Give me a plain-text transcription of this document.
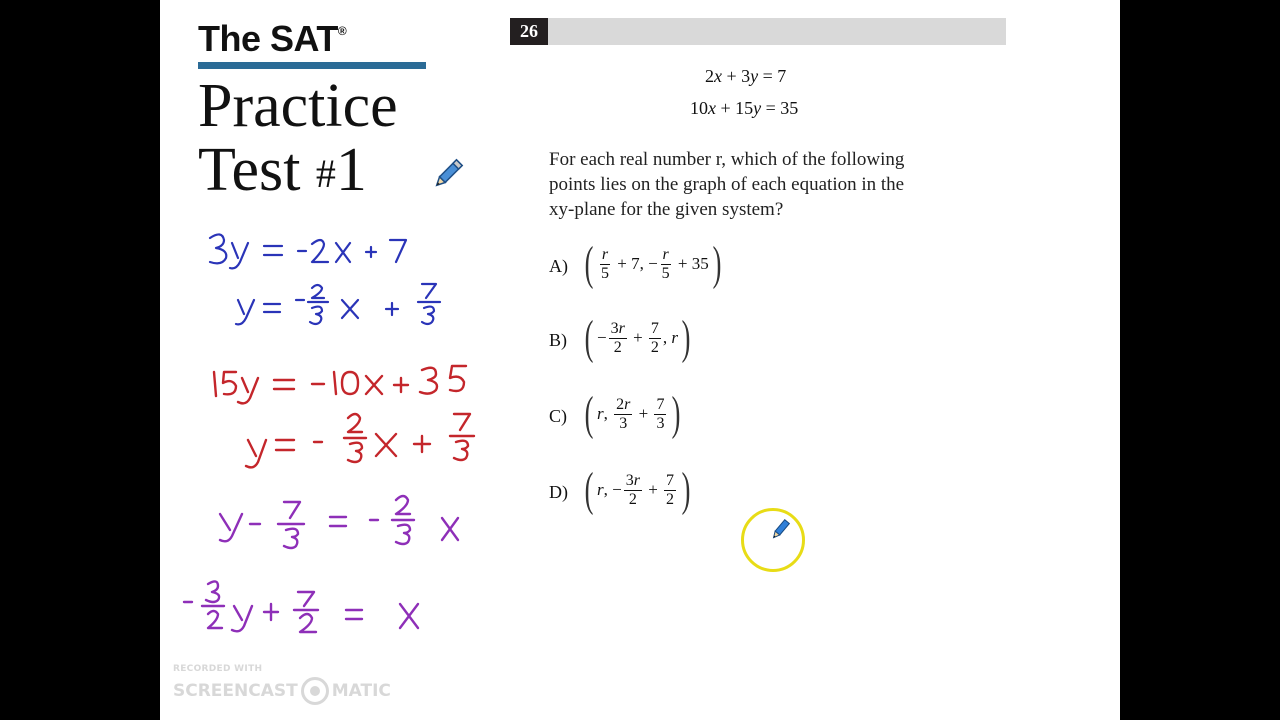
The SAT®
Practice
Test #1
26
2x + 3y = 7
10x + 15y = 35

For each real number r, which of the following

points lies on the graph of each equation in the

xy-plane for the given system?

A) ( $\frac{r}{5} + 7$, − $\frac{r}{5} + 35$ )
B) ( − $\frac{3r}{2} + \frac{7}{2}$ , r )
C) ( r, $\frac{2r}{3} + \frac{7}{3}$ )
D) ( r, − $\frac{3r}{2} + \frac{7}{2}$ )
RECORDED WITH
SCREENCAST MATIC
